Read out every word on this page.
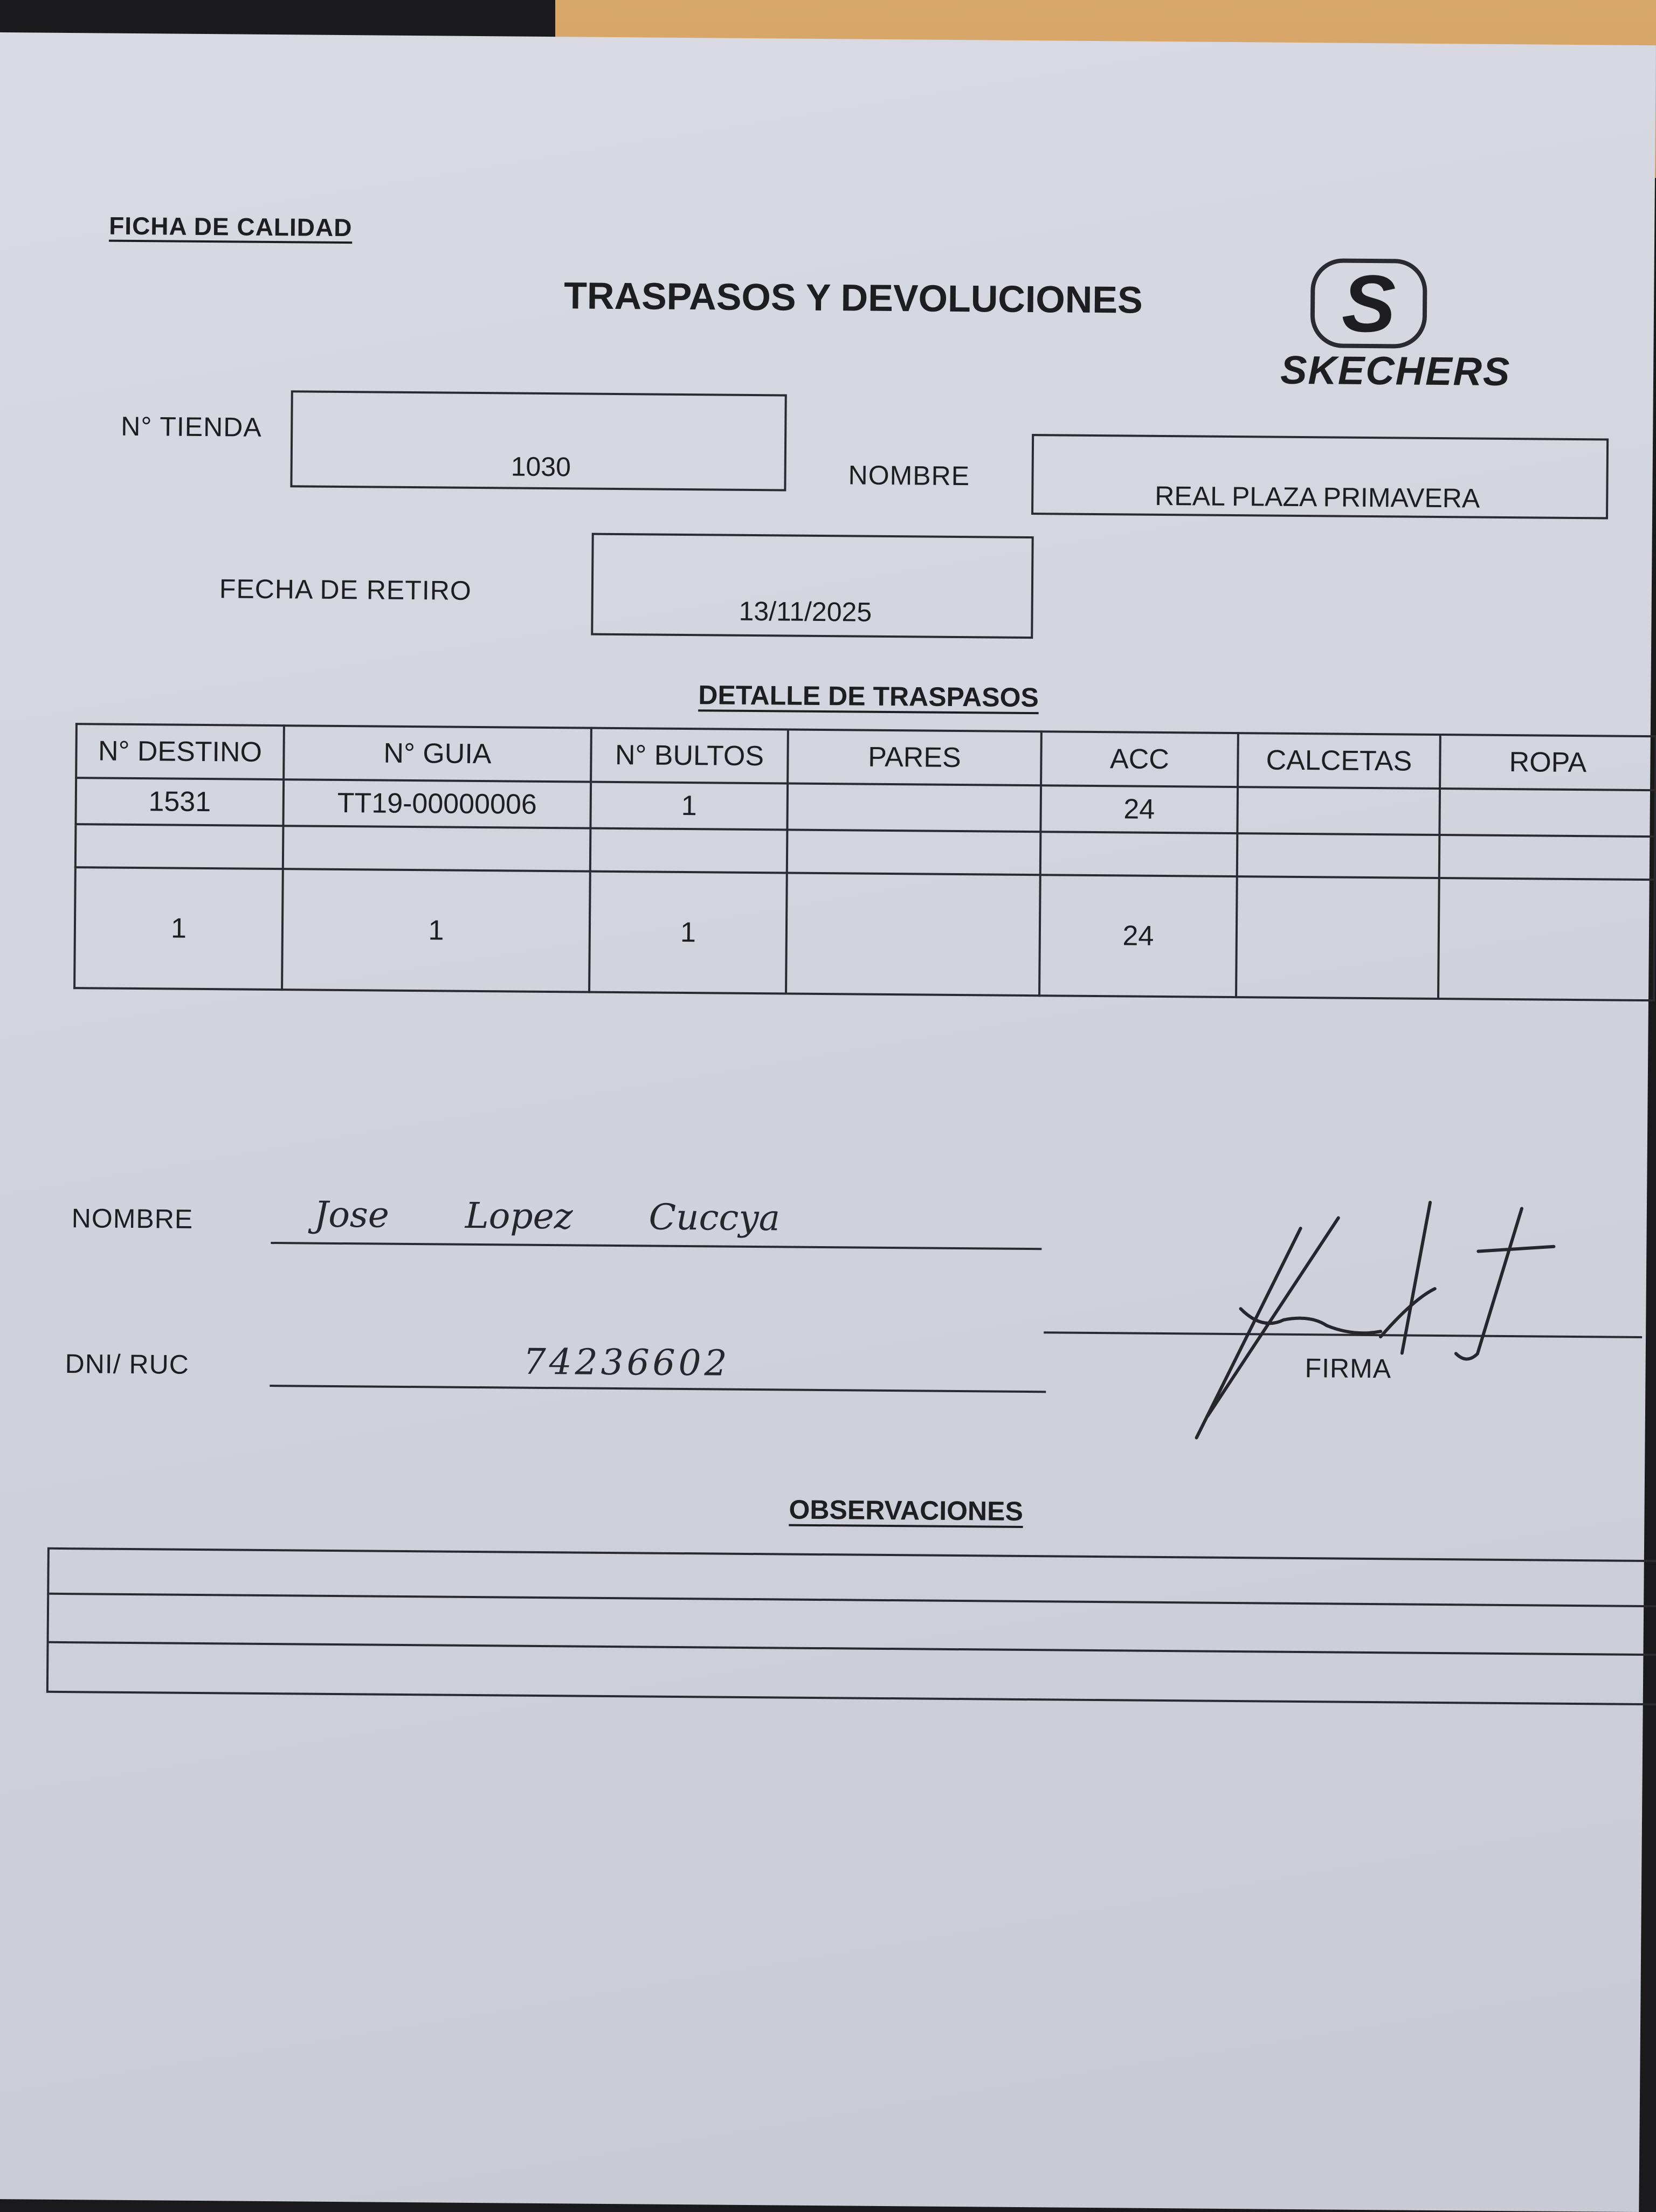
FICHA DE CALIDAD
TRASPASOS Y DEVOLUCIONES S
SKECHERS
N° TIENDA
1030	NOMBRE
REAL PLAZA PRIMAVERA
FECHA DE RETIRO
13/11/2025
DETALLE DE TRASPASOS
N° DESTINO	N° GUIA	N° BULTOS	PARES	ACC	CALCETAS	ROPA
1531	TT19-00000006	1		24		

1	1	1		24		
NOMBRE	Jose Lopez Cuccya
DNI/ RUC	74236602	FIRMA
OBSERVACIONES
